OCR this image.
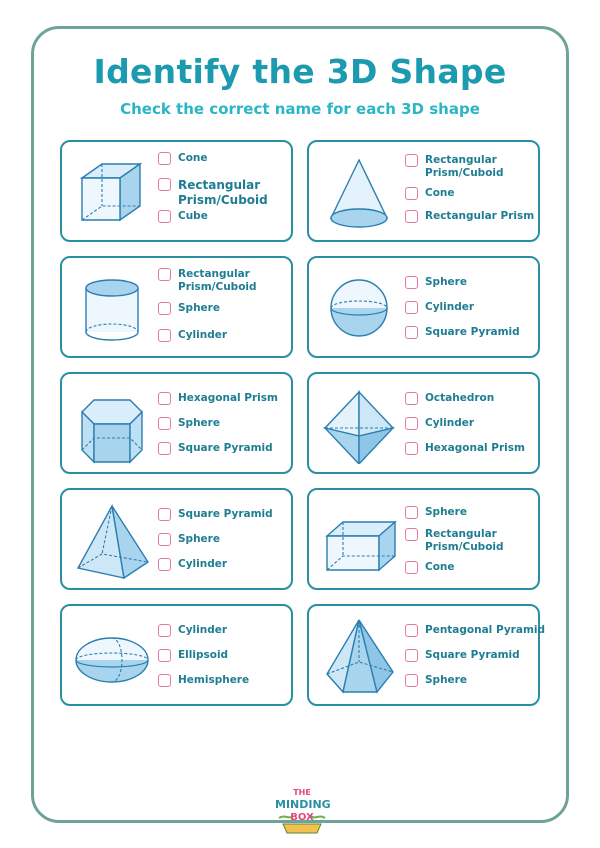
Identify the 3D Shape
Check the correct name for each 3D shape
Cone
Rectangular Prism/Cuboid
Cube
Rectangular Prism/Cuboid
Cone
Rectangular Prism
Rectangular Prism/Cuboid
Sphere
Cylinder
Sphere
Cylinder
Square Pyramid
Hexagonal Prism
Sphere
Square Pyramid
Octahedron
Cylinder
Hexagonal Prism
Square Pyramid
Sphere
Cylinder
Sphere
Rectangular Prism/Cuboid
Cone
Cylinder
Ellipsoid
Hemisphere
Pentagonal Pyramid
Square Pyramid
Sphere
THE
MINDING
BOX
